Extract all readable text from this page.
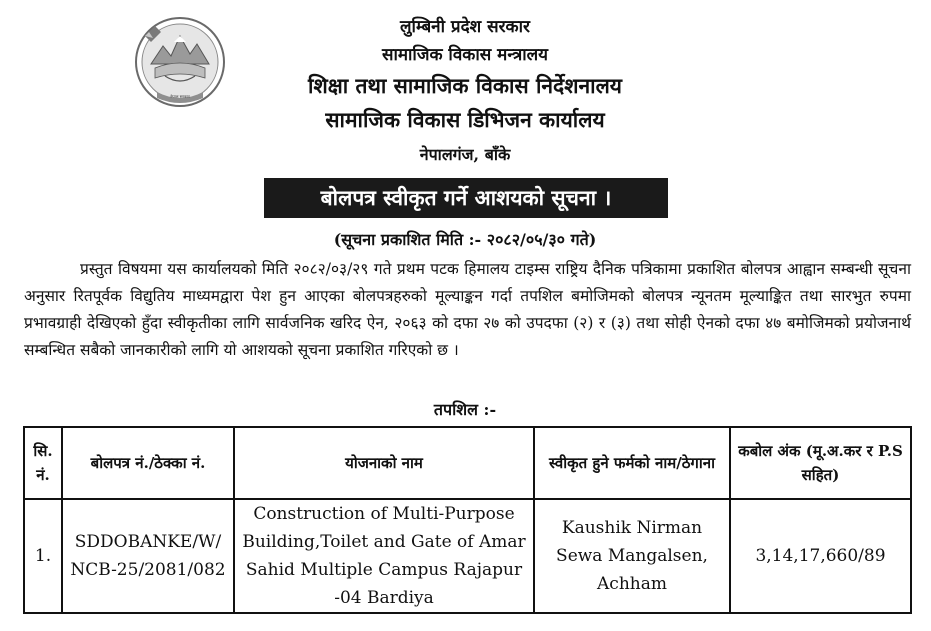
नेपाल सरकार
लुम्बिनी प्रदेश सरकार
सामाजिक विकास मन्त्रालय
शिक्षा तथा सामाजिक विकास निर्देशनालय
सामाजिक विकास डिभिजन कार्यालय
नेपालगंज, बाँके
बोलपत्र स्वीकृत गर्ने आशयको सूचना ।
(सूचना प्रकाशित मिति :- २०८२/०५/३० गते)

प्रस्तुत विषयमा यस कार्यालयको मिति २०८२/०३/२९ गते प्रथम पटक हिमालय टाइम्स राष्ट्रिय दैनिक पत्रिकामा प्रकाशित बोलपत्र आह्वान सम्बन्धी सूचना अनुसार रितपूर्वक विद्युतिय माध्यमद्वारा पेश हुन आएका बोलपत्रहरुको मूल्याङ्कन गर्दा तपशिल बमोजिमको बोलपत्र न्यूनतम मूल्याङ्कित तथा सारभुत रुपमा प्रभावग्राही देखिएको हुँदा स्वीकृतीका लागि सार्वजनिक खरिद ऐन, २०६३ को दफा २७ को उपदफा (२) र (३) तथा सोही ऐनको दफा ४७ बमोजिमको प्रयोजनार्थ सम्बन्धित सबैको जानकारीको लागि यो आशयको सूचना प्रकाशित गरिएको छ ।

तपशिल :-
सि. नं.	बोलपत्र नं./ठेक्का नं.	योजनाको नाम	स्वीकृत हुने फर्मको नाम/ठेगाना	कबोल अंक (मू.अ.कर र P.S सहित)
1.	SDDOBANKE/W/ NCB-25/2081/082	Construction of Multi-Purpose Building,Toilet and Gate of Amar Sahid Multiple Campus Rajapur -04 Bardiya	Kaushik Nirman Sewa Mangalsen, Achham	3,14,17,660/89
